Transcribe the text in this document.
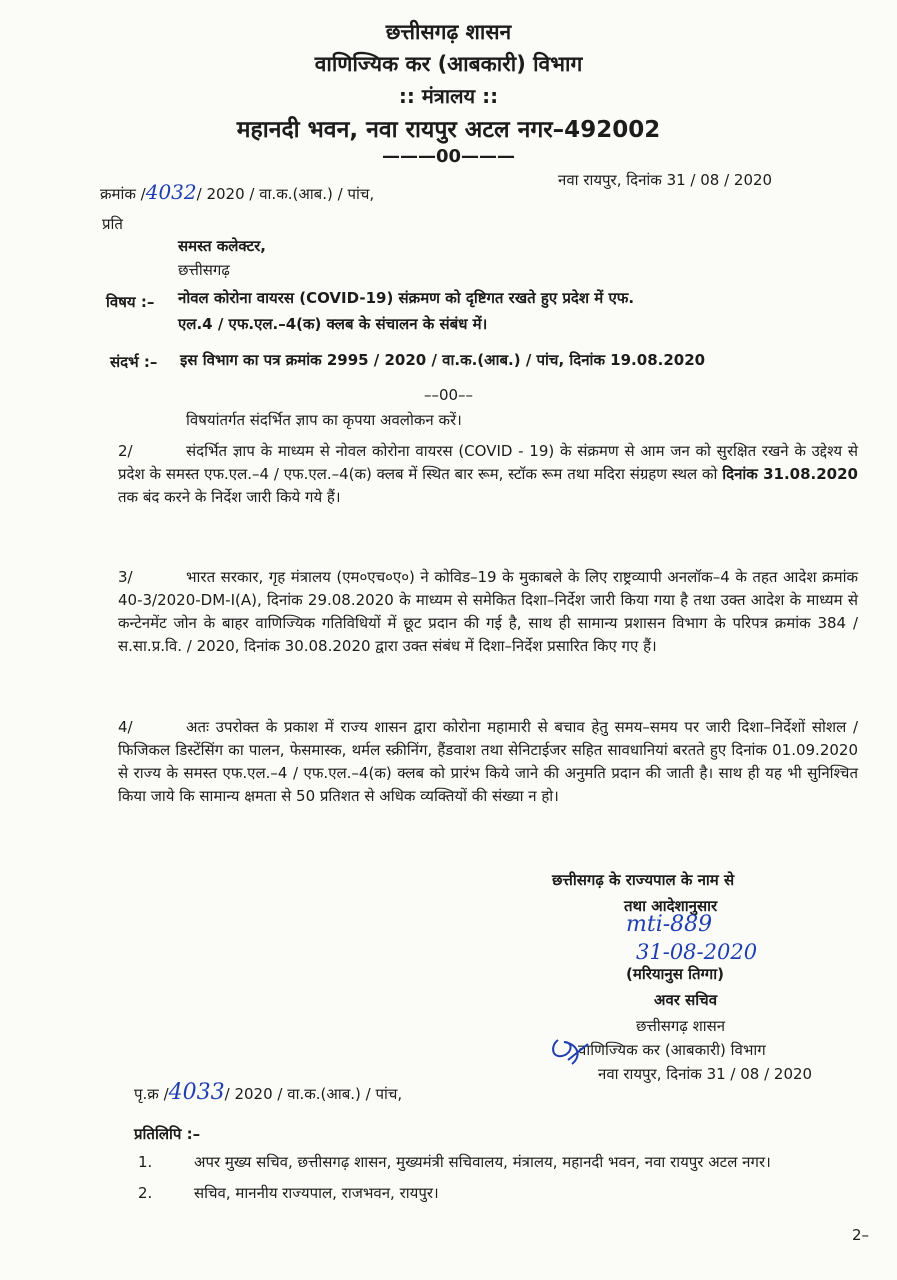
छत्तीसगढ़ शासन
वाणिज्यिक कर (आबकारी) विभाग
:: मंत्रालय ::
महानदी भवन, नवा रायपुर अटल नगर–492002
———00———
क्रमांक /4032/ 2020 / वा.क.(आब.) / पांच,
नवा रायपुर, दिनांक 31 / 08 / 2020
प्रति
समस्त कलेक्टर,
छत्तीसगढ़
विषय :– नोवल कोरोना वायरस (COVID-19) संक्रमण को दृष्टिगत रखते हुए प्रदेश में एफ.
एल.4 / एफ.एल.–4(क) क्लब के संचालन के संबंध में।
संदर्भ :– इस विभाग का पत्र क्रमांक 2995 / 2020 / वा.क.(आब.) / पांच, दिनांक 19.08.2020
––00––
विषयांतर्गत संदर्भित ज्ञाप का कृपया अवलोकन करें।
2/	संदर्भित ज्ञाप के माध्यम से नोवल कोरोना वायरस (COVID - 19) के संक्रमण से आम जन को सुरक्षित रखने के उद्देश्य से प्रदेश के समस्त एफ.एल.–4 / एफ.एल.–4(क) क्लब में स्थित बार रूम, स्टॉक रूम तथा मदिरा संग्रहण स्थल को दिनांक 31.08.2020 तक बंद करने के निर्देश जारी किये गये हैं।
3/	भारत सरकार, गृह मंत्रालय (एम०एच०ए०) ने कोविड–19 के मुकाबले के लिए राष्ट्रव्यापी अनलॉक–4 के तहत आदेश क्रमांक 40-3/2020-DM-I(A), दिनांक 29.08.2020 के माध्यम से समेकित दिशा–निर्देश जारी किया गया है तथा उक्त आदेश के माध्यम से कन्टेनमेंट जोन के बाहर वाणिज्यिक गतिविधियों में छूट प्रदान की गई है, साथ ही सामान्य प्रशासन विभाग के परिपत्र क्रमांक 384 / स.सा.प्र.वि. / 2020, दिनांक 30.08.2020 द्वारा उक्त संबंध में दिशा–निर्देश प्रसारित किए गए हैं।
4/	अतः उपरोक्त के प्रकाश में राज्य शासन द्वारा कोरोना महामारी से बचाव हेतु समय–समय पर जारी दिशा–निर्देशों सोशल / फिजिकल डिस्टेंसिंग का पालन, फेसमास्क, थर्मल स्क्रीनिंग, हैंडवाश तथा सेनिटाईजर सहित सावधानियां बरतते हुए दिनांक 01.09.2020 से राज्य के समस्त एफ.एल.–4 / एफ.एल.–4(क) क्लब को प्रारंभ किये जाने की अनुमति प्रदान की जाती है। साथ ही यह भी सुनिश्चित किया जाये कि सामान्य क्षमता से 50 प्रतिशत से अधिक व्यक्तियों की संख्या न हो।
छत्तीसगढ़ के राज्यपाल के नाम से
तथा आदेशानुसार
mti-889
31-08-2020
(मरियानुस तिग्गा)
अवर सचिव
छत्तीसगढ़ शासन
वाणिज्यिक कर (आबकारी) विभाग
नवा रायपुर, दिनांक 31 / 08 / 2020
पृ.क्र /4033/ 2020 / वा.क.(आब.) / पांच,
प्रतिलिपि :–
1.	अपर मुख्य सचिव, छत्तीसगढ़ शासन, मुख्यमंत्री सचिवालय, मंत्रालय, महानदी भवन, नवा रायपुर अटल नगर।
2.	सचिव, माननीय राज्यपाल, राजभवन, रायपुर।
2–
